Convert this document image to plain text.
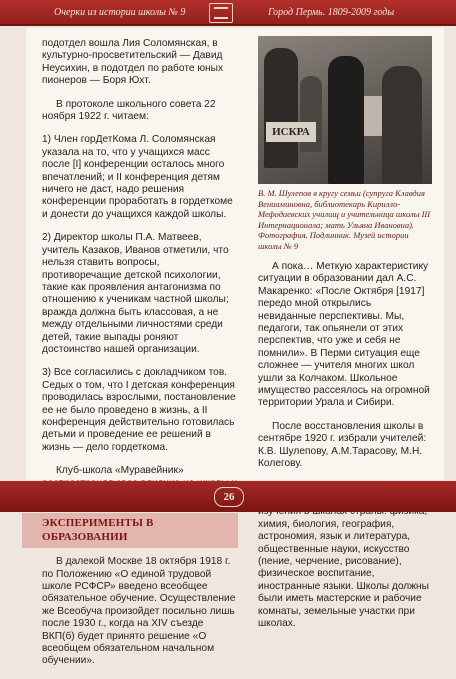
Очерки из истории школы № 9	Город Пермь. 1809-2009 годы

подотдел вошла Лия Соломянская, в культурно-просветительский — Давид Неусихин, в подотдел по работе юных пионеров — Боря Юхт.

В протоколе школьного совета 22 ноября 1922 г. читаем:

1) Член горДетКома Л. Соломянская указала на то, что у учащихся масс после [I] конференции осталось много впечатлений; и II конференция детям ничего не даст, надо решения конференции проработать в гордеткоме и донести до учащихся каждой школы.

2) Директор школы П.А. Матвеев, учитель Казаков, Иванов отметили, что нельзя ставить вопросы, противоречащие детской психологии, такие как проявления антагонизма по отношению к ученикам частной школы; вражда должна быть классовая, а не между отдельными личностями среди детей, такие выпады роняют достоинство нашей организации.

3) Все согласились с докладчиком тов. Седых о том, что I детская конференция проводилась взрослыми, постановление ее не было проведено в жизнь, а II конференция действительно готовилась детьми и проведение ее решений в жизнь — дело гордеткома.

Клуб-школа «Муравейник»

ЭКСПЕРИМЕНТЫ В ОБРАЗОВАНИИ

В далекой Москве 18 октября 1918 г. по Положению «О единой трудовой школе РСФСР» введено всеобщее обязательное обучение. Осуществление же Всеобуча произойдет посильно лишь после 1930 г., когда на XIV съезде ВКП(б) будет принято решение «О всеобщем обязательном начальном обучении».

ИСКРА
В. М. Шулепов в кругу семьи (супруга Клавдия Вениаминовна, библиотекарь Кирилло-Мефодиевских училищ и учительница школы III Интернационала; мать Ульяна Ивановна). Фотография. Подлинник. Музей истории школы № 9

А пока… Меткую характеристику ситуации в образовании дал А.С. Макаренко: «После Октября [1917] передо мной открылись невиданные перспективы. Мы, педагоги, так опьянели от этих перспектив, что уже и себя не помнили». В Перми ситуация еще сложнее — учителя многих школ ушли за Колчаком. Школьное имущество рассеялось на огромной территории Урала и Сибири.

После восстановления школы в сентябре 1920 г. избрали учителей: К.В. Шулепову, А.М.Тарасову, М.Н. Колегову.

химия, биология, география, астрономия, язык и литература, общественные науки, искусство (пение, черчение, рисование), физическое воспитание, иностранные языки. Школы должны были иметь мастерские и рабочие комнаты, земельные участки при школах.

26
